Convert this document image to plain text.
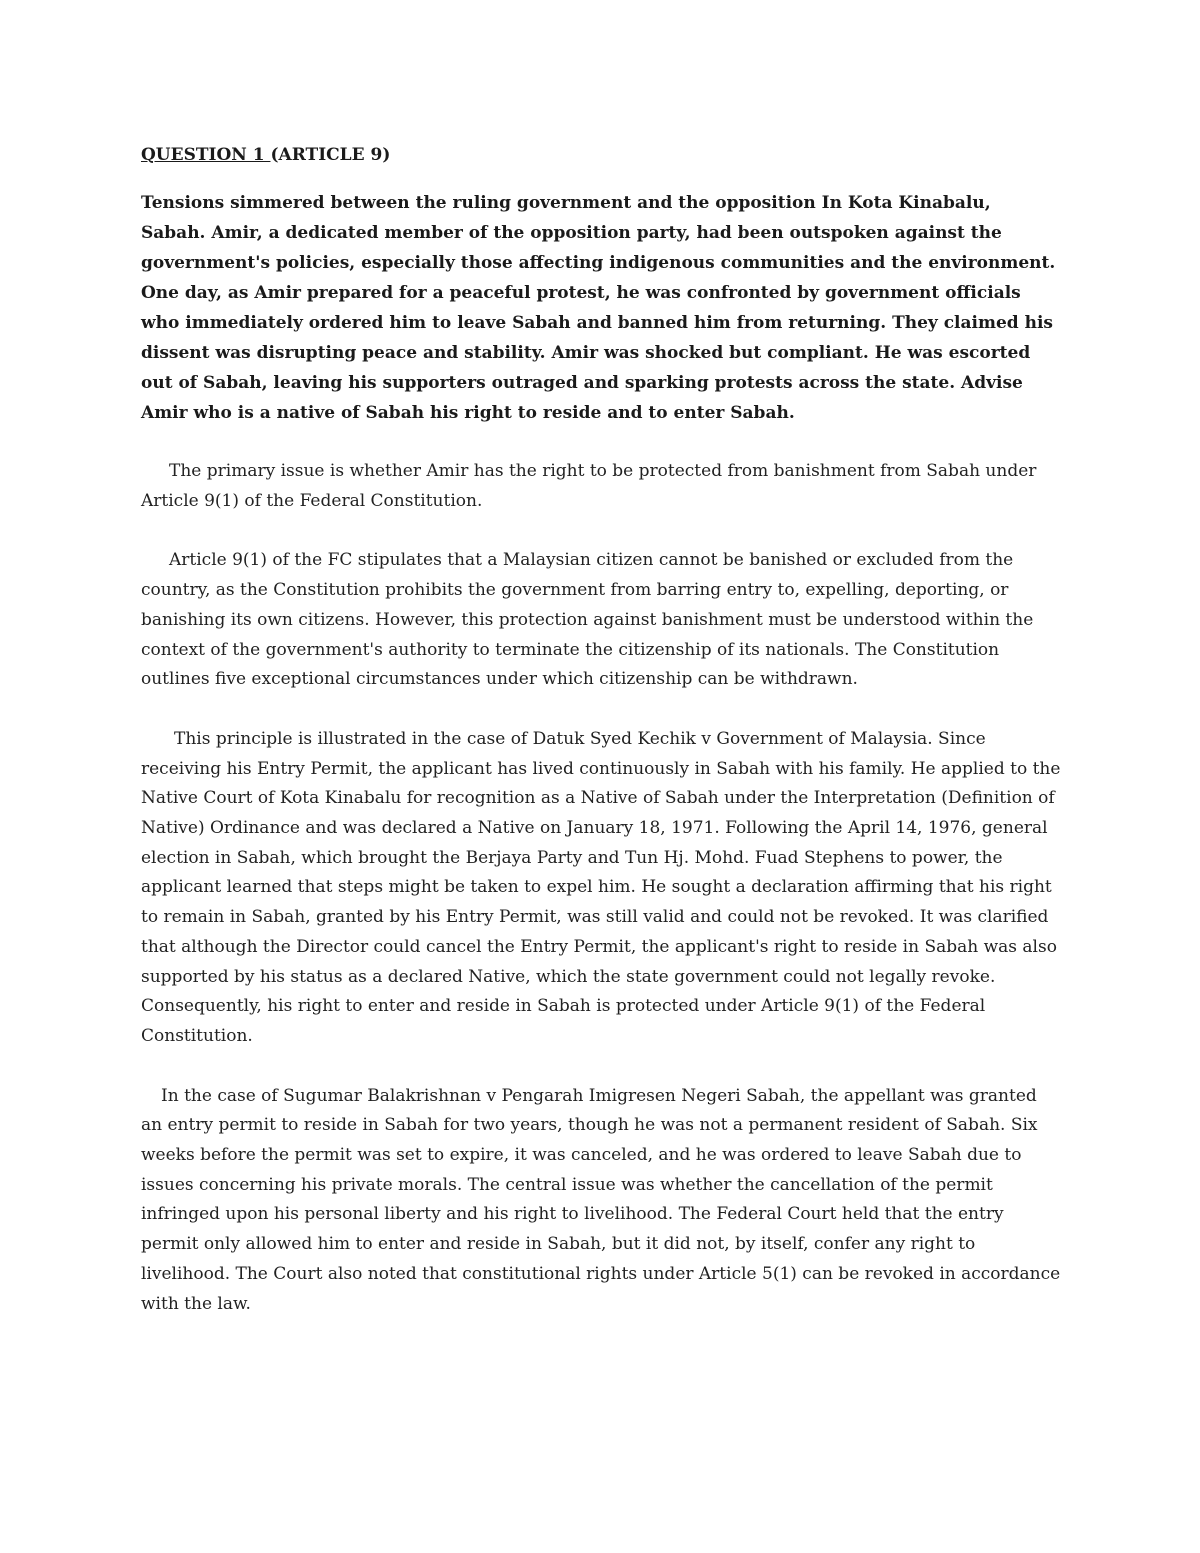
QUESTION 1 (ARTICLE 9)

Tensions simmered between the ruling government and the opposition In Kota Kinabalu, Sabah. Amir, a dedicated member of the opposition party, had been outspoken against the government's policies, especially those affecting indigenous communities and the environment. One day, as Amir prepared for a peaceful protest, he was confronted by government officials who immediately ordered him to leave Sabah and banned him from returning. They claimed his dissent was disrupting peace and stability. Amir was shocked but compliant. He was escorted out of Sabah, leaving his supporters outraged and sparking protests across the state. Advise Amir who is a native of Sabah his right to reside and to enter Sabah.

The primary issue is whether Amir has the right to be protected from banishment from Sabah under Article 9(1) of the Federal Constitution.

Article 9(1) of the FC stipulates that a Malaysian citizen cannot be banished or excluded from the country, as the Constitution prohibits the government from barring entry to, expelling, deporting, or banishing its own citizens. However, this protection against banishment must be understood within the context of the government's authority to terminate the citizenship of its nationals. The Constitution outlines five exceptional circumstances under which citizenship can be withdrawn.

This principle is illustrated in the case of Datuk Syed Kechik v Government of Malaysia. Since receiving his Entry Permit, the applicant has lived continuously in Sabah with his family. He applied to the Native Court of Kota Kinabalu for recognition as a Native of Sabah under the Interpretation (Definition of Native) Ordinance and was declared a Native on January 18, 1971. Following the April 14, 1976, general election in Sabah, which brought the Berjaya Party and Tun Hj. Mohd. Fuad Stephens to power, the applicant learned that steps might be taken to expel him. He sought a declaration affirming that his right to remain in Sabah, granted by his Entry Permit, was still valid and could not be revoked. It was clarified that although the Director could cancel the Entry Permit, the applicant's right to reside in Sabah was also supported by his status as a declared Native, which the state government could not legally revoke. Consequently, his right to enter and reside in Sabah is protected under Article 9(1) of the Federal Constitution.

In the case of Sugumar Balakrishnan v Pengarah Imigresen Negeri Sabah, the appellant was granted an entry permit to reside in Sabah for two years, though he was not a permanent resident of Sabah. Six weeks before the permit was set to expire, it was canceled, and he was ordered to leave Sabah due to issues concerning his private morals. The central issue was whether the cancellation of the permit infringed upon his personal liberty and his right to livelihood. The Federal Court held that the entry permit only allowed him to enter and reside in Sabah, but it did not, by itself, confer any right to livelihood. The Court also noted that constitutional rights under Article 5(1) can be revoked in accordance with the law.
